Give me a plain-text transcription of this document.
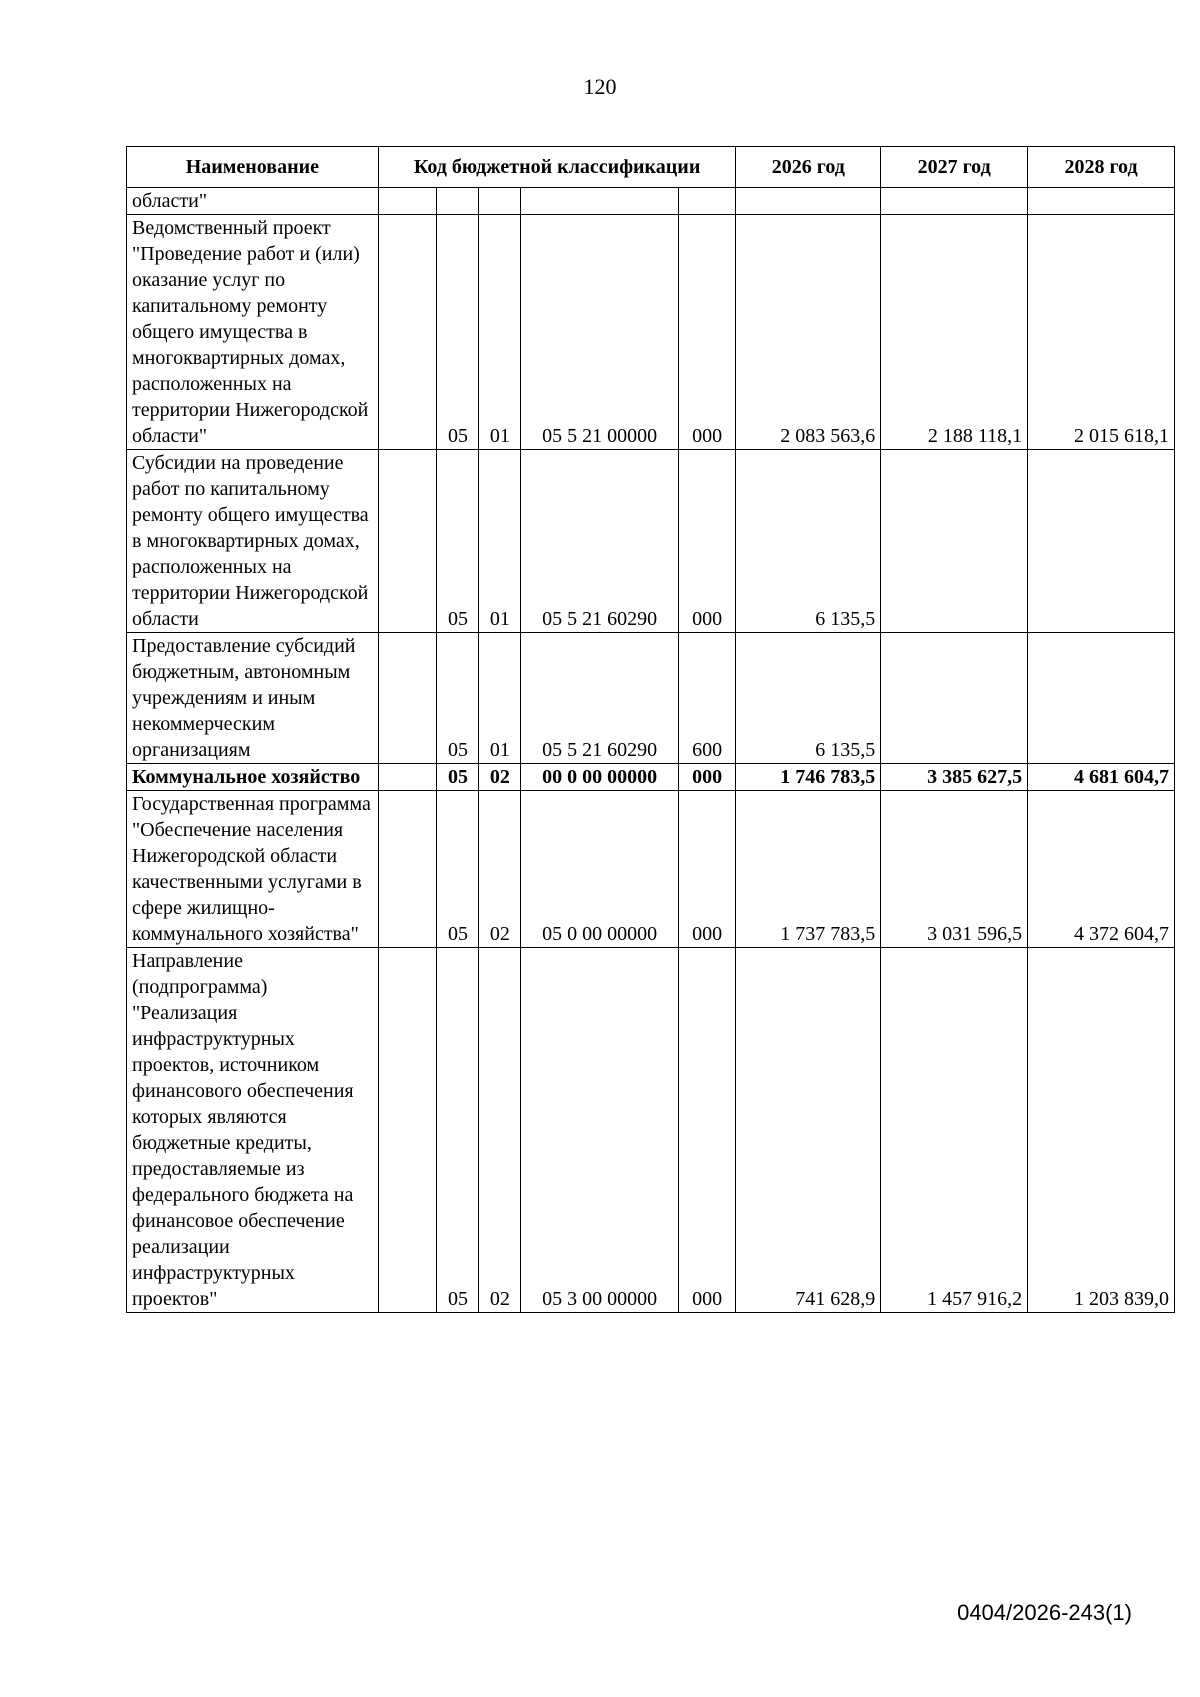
120
Наименование	Код бюджетной классификации					2026 год	2027 год	2028 год
области"								
Ведомственный проект "Проведение работ и (или) оказание услуг по капитальному ремонту общего имущества в многоквартирных домах, расположенных на территории Нижегородской области"		05	01	05 5 21 00000	000	2 083 563,6	2 188 118,1	2 015 618,1
Субсидии на проведение работ по капитальному ремонту общего имущества в многоквартирных домах, расположенных на территории Нижегородской области		05	01	05 5 21 60290	000	6 135,5		
Предоставление субсидий бюджетным, автономным учреждениям и иным некоммерческим организациям		05	01	05 5 21 60290	600	6 135,5		
Коммунальное хозяйство		05	02	00 0 00 00000	000	1 746 783,5	3 385 627,5	4 681 604,7
Государственная программа "Обеспечение населения Нижегородской области качественными услугами в сфере жилищно-коммунального хозяйства"		05	02	05 0 00 00000	000	1 737 783,5	3 031 596,5	4 372 604,7
Направление (подпрограмма) "Реализация инфраструктурных проектов, источником финансового обеспечения которых являются бюджетные кредиты, предоставляемые из федерального бюджета на финансовое обеспечение реализации инфраструктурных проектов"		05	02	05 3 00 00000	000	741 628,9	1 457 916,2	1 203 839,0
0404/2026-243(1)
